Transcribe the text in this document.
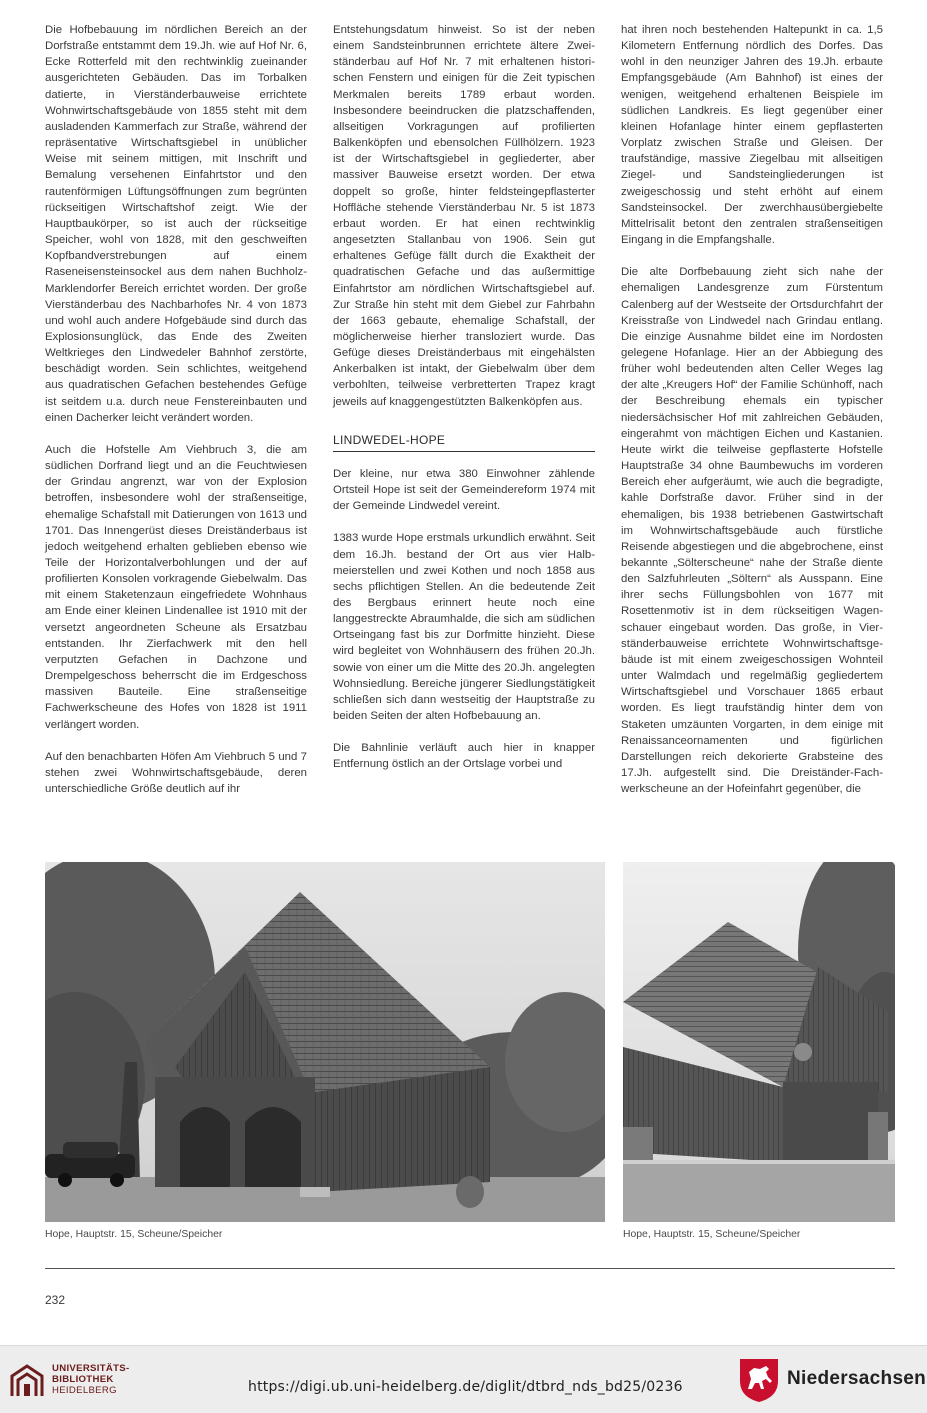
Die Hofbebauung im nördlichen Bereich an der Dorfstraße entstammt dem 19.Jh. wie auf Hof Nr. 6, Ecke Rotterfeld mit den rechtwinklig zueinander ausgerichteten Gebäuden. Das im Torbalken datierte, in Vierständerbauweise errichtete Wohnwirtschaftsgebäude von 1855 steht mit dem ausladenden Kammerfach zur Straße, während der repräsentative Wirtschaftsgiebel in unüblicher Weise mit seinem mittigen, mit Inschrift und Bemalung versehenen Einfahrtstor und den rautenförmigen Lüftungsöffnungen zum begrünten rückseitigen Wirtschaftshof zeigt. Wie der Hauptbaukörper, so ist auch der rückseitige Speicher, wohl von 1828, mit den geschweiften Kopfbandverstrebungen auf einem Raseneisensteinsockel aus dem nahen Buchholz-Marklendorfer Bereich errichtet worden. Der große Vierständerbau des Nachbarhofes Nr. 4 von 1873 und wohl auch andere Hofgebäude sind durch das Explosionsunglück, das Ende des Zweiten Weltkrieges den Lindwedeler Bahnhof zerstörte, beschädigt worden. Sein schlichtes, weitgehend aus quadratischen Gefachen bestehendes Gefüge ist seitdem u.a. durch neue Fenstereinbauten und einen Dacherker leicht verändert worden.

Auch die Hofstelle Am Viehbruch 3, die am südlichen Dorfrand liegt und an die Feuchtwiesen der Grindau angrenzt, war von der Explosion betroffen, insbesondere wohl der straßenseitige, ehemalige Schafstall mit Datierungen von 1613 und 1701. Das Innengerüst dieses Dreiständerbaus ist jedoch weitgehend erhalten geblieben ebenso wie Teile der Horizontalverbohlungen und der auf profilierten Konsolen vorkragende Giebelwalm. Das mit einem Staketenzaun eingefriedete Wohnhaus am Ende einer kleinen Lindenallee ist 1910 mit der versetzt angeordneten Scheune als Ersatzbau entstanden. Ihr Zierfachwerk mit den hell verputzten Gefachen in Dachzone und Drempelgeschoss beherrscht die im Erdgeschoss massiven Bauteile. Eine straßenseitige Fachwerkscheune des Hofes von 1828 ist 1911 verlängert worden.

Auf den benachbarten Höfen Am Viehbruch 5 und 7 stehen zwei Wohnwirtschaftsgebäude, deren unterschiedliche Größe deutlich auf ihr

Entstehungsdatum hinweist. So ist der neben einem Sandsteinbrunnen errichtete ältere Zweiständerbau auf Hof Nr. 7 mit erhaltenen historischen Fenstern und einigen für die Zeit typischen Merkmalen bereits 1789 erbaut worden. Insbesondere beeindrucken die platzschaffenden, allseitigen Vorkragungen auf profilierten Balkenköpfen und ebensolchen Füllhölzern. 1923 ist der Wirtschaftsgiebel in gegliederter, aber massiver Bauweise ersetzt worden. Der etwa doppelt so große, hinter feldsteingepflasterter Hoffläche stehende Vierständerbau Nr. 5 ist 1873 erbaut worden. Er hat einen rechtwinklig angesetzten Stallanbau von 1906. Sein gut erhaltenes Gefüge fällt durch die Exaktheit der quadratischen Gefache und das außermittige Einfahrtstor am nördlichen Wirtschaftsgiebel auf. Zur Straße hin steht mit dem Giebel zur Fahrbahn der 1663 gebaute, ehemalige Schafstall, der möglicherweise hierher transloziert wurde. Das Gefüge dieses Dreiständerbaus mit eingehälsten Ankerbalken ist intakt, der Giebelwalm über dem verbohlten, teilweise verbretterten Trapez kragt jeweils auf knaggengestützten Balkenköpfen aus.

LINDWEDEL-HOPE

Der kleine, nur etwa 380 Einwohner zählende Ortsteil Hope ist seit der Gemeindereform 1974 mit der Gemeinde Lindwedel vereint.

1383 wurde Hope erstmals urkundlich erwähnt. Seit dem 16.Jh. bestand der Ort aus vier Halbmeierstellen und zwei Kothen und noch 1858 aus sechs pflichtigen Stellen. An die bedeutende Zeit des Bergbaus erinnert heute noch eine langgestreckte Abraumhalde, die sich am südlichen Ortseingang fast bis zur Dorfmitte hinzieht. Diese wird begleitet von Wohnhäusern des frühen 20.Jh. sowie von einer um die Mitte des 20.Jh. angelegten Wohnsiedlung. Bereiche jüngerer Siedlungstätigkeit schließen sich dann westseitig der Hauptstraße zu beiden Seiten der alten Hofbebauung an.

Die Bahnlinie verläuft auch hier in knapper Entfernung östlich an der Ortslage vorbei und

hat ihren noch bestehenden Haltepunkt in ca. 1,5 Kilometern Entfernung nördlich des Dorfes. Das wohl in den neunziger Jahren des 19.Jh. erbaute Empfangsgebäude (Am Bahnhof) ist eines der wenigen, weitgehend erhaltenen Beispiele im südlichen Landkreis. Es liegt gegenüber einer kleinen Hofanlage hinter einem gepflasterten Vorplatz zwischen Straße und Gleisen. Der traufständige, massive Ziegelbau mit allseitigen Ziegel- und Sandsteingliederungen ist zweigeschossig und steht erhöht auf einem Sandsteinsockel. Der zwerchhausübergiebelte Mittelrisalit betont den zentralen straßenseitigen Eingang in die Empfangshalle.

Die alte Dorfbebauung zieht sich nahe der ehemaligen Landesgrenze zum Fürstentum Calenberg auf der Westseite der Ortsdurchfahrt der Kreisstraße von Lindwedel nach Grindau entlang. Die einzige Ausnahme bildet eine im Nordosten gelegene Hofanlage. Hier an der Abbiegung des früher wohl bedeutenden alten Celler Weges lag der alte „Kreugers Hof“ der Familie Schünhoff, nach der Beschreibung ehemals ein typischer niedersächsischer Hof mit zahlreichen Gebäuden, eingerahmt von mächtigen Eichen und Kastanien. Heute wirkt die teilweise gepflasterte Hofstelle Hauptstraße 34 ohne Baumbewuchs im vorderen Bereich eher aufgeräumt, wie auch die begradigte, kahle Dorfstraße davor. Früher sind in der ehemaligen, bis 1938 betriebenen Gastwirtschaft im Wohnwirtschaftsgebäude auch fürstliche Reisende abgestiegen und die abgebrochene, einst bekannte „Sölterscheune“ nahe der Straße diente den Salzfuhrleuten „Söltern“ als Ausspann. Eine ihrer sechs Füllungsbohlen von 1677 mit Rosettenmotiv ist in dem rückseitigen Wagenschauer eingebaut worden. Das große, in Vierständerbauweise errichtete Wohnwirtschaftsgebäude ist mit einem zweigeschossigen Wohnteil unter Walmdach und regelmäßig gegliedertem Wirtschaftsgiebel und Vorschauer 1865 erbaut worden. Es liegt traufständig hinter dem von Staketen umzäunten Vorgarten, in dem einige mit Renaissanceornamenten und figürlichen Darstellungen reich dekorierte Grabsteine des 17.Jh. aufgestellt sind. Die Dreiständer-Fachwerkscheune an der Hofeinfahrt gegenüber, die

Hope, Hauptstr. 15, Scheune/Speicher	Hope, Hauptstr. 15, Scheune/Speicher
232
UNIVERSITÄTS-
BIBLIOTHEK
HEIDELBERG	https://digi.ub.uni-heidelberg.de/diglit/dtbrd_nds_bd25/0236	Niedersachsen
